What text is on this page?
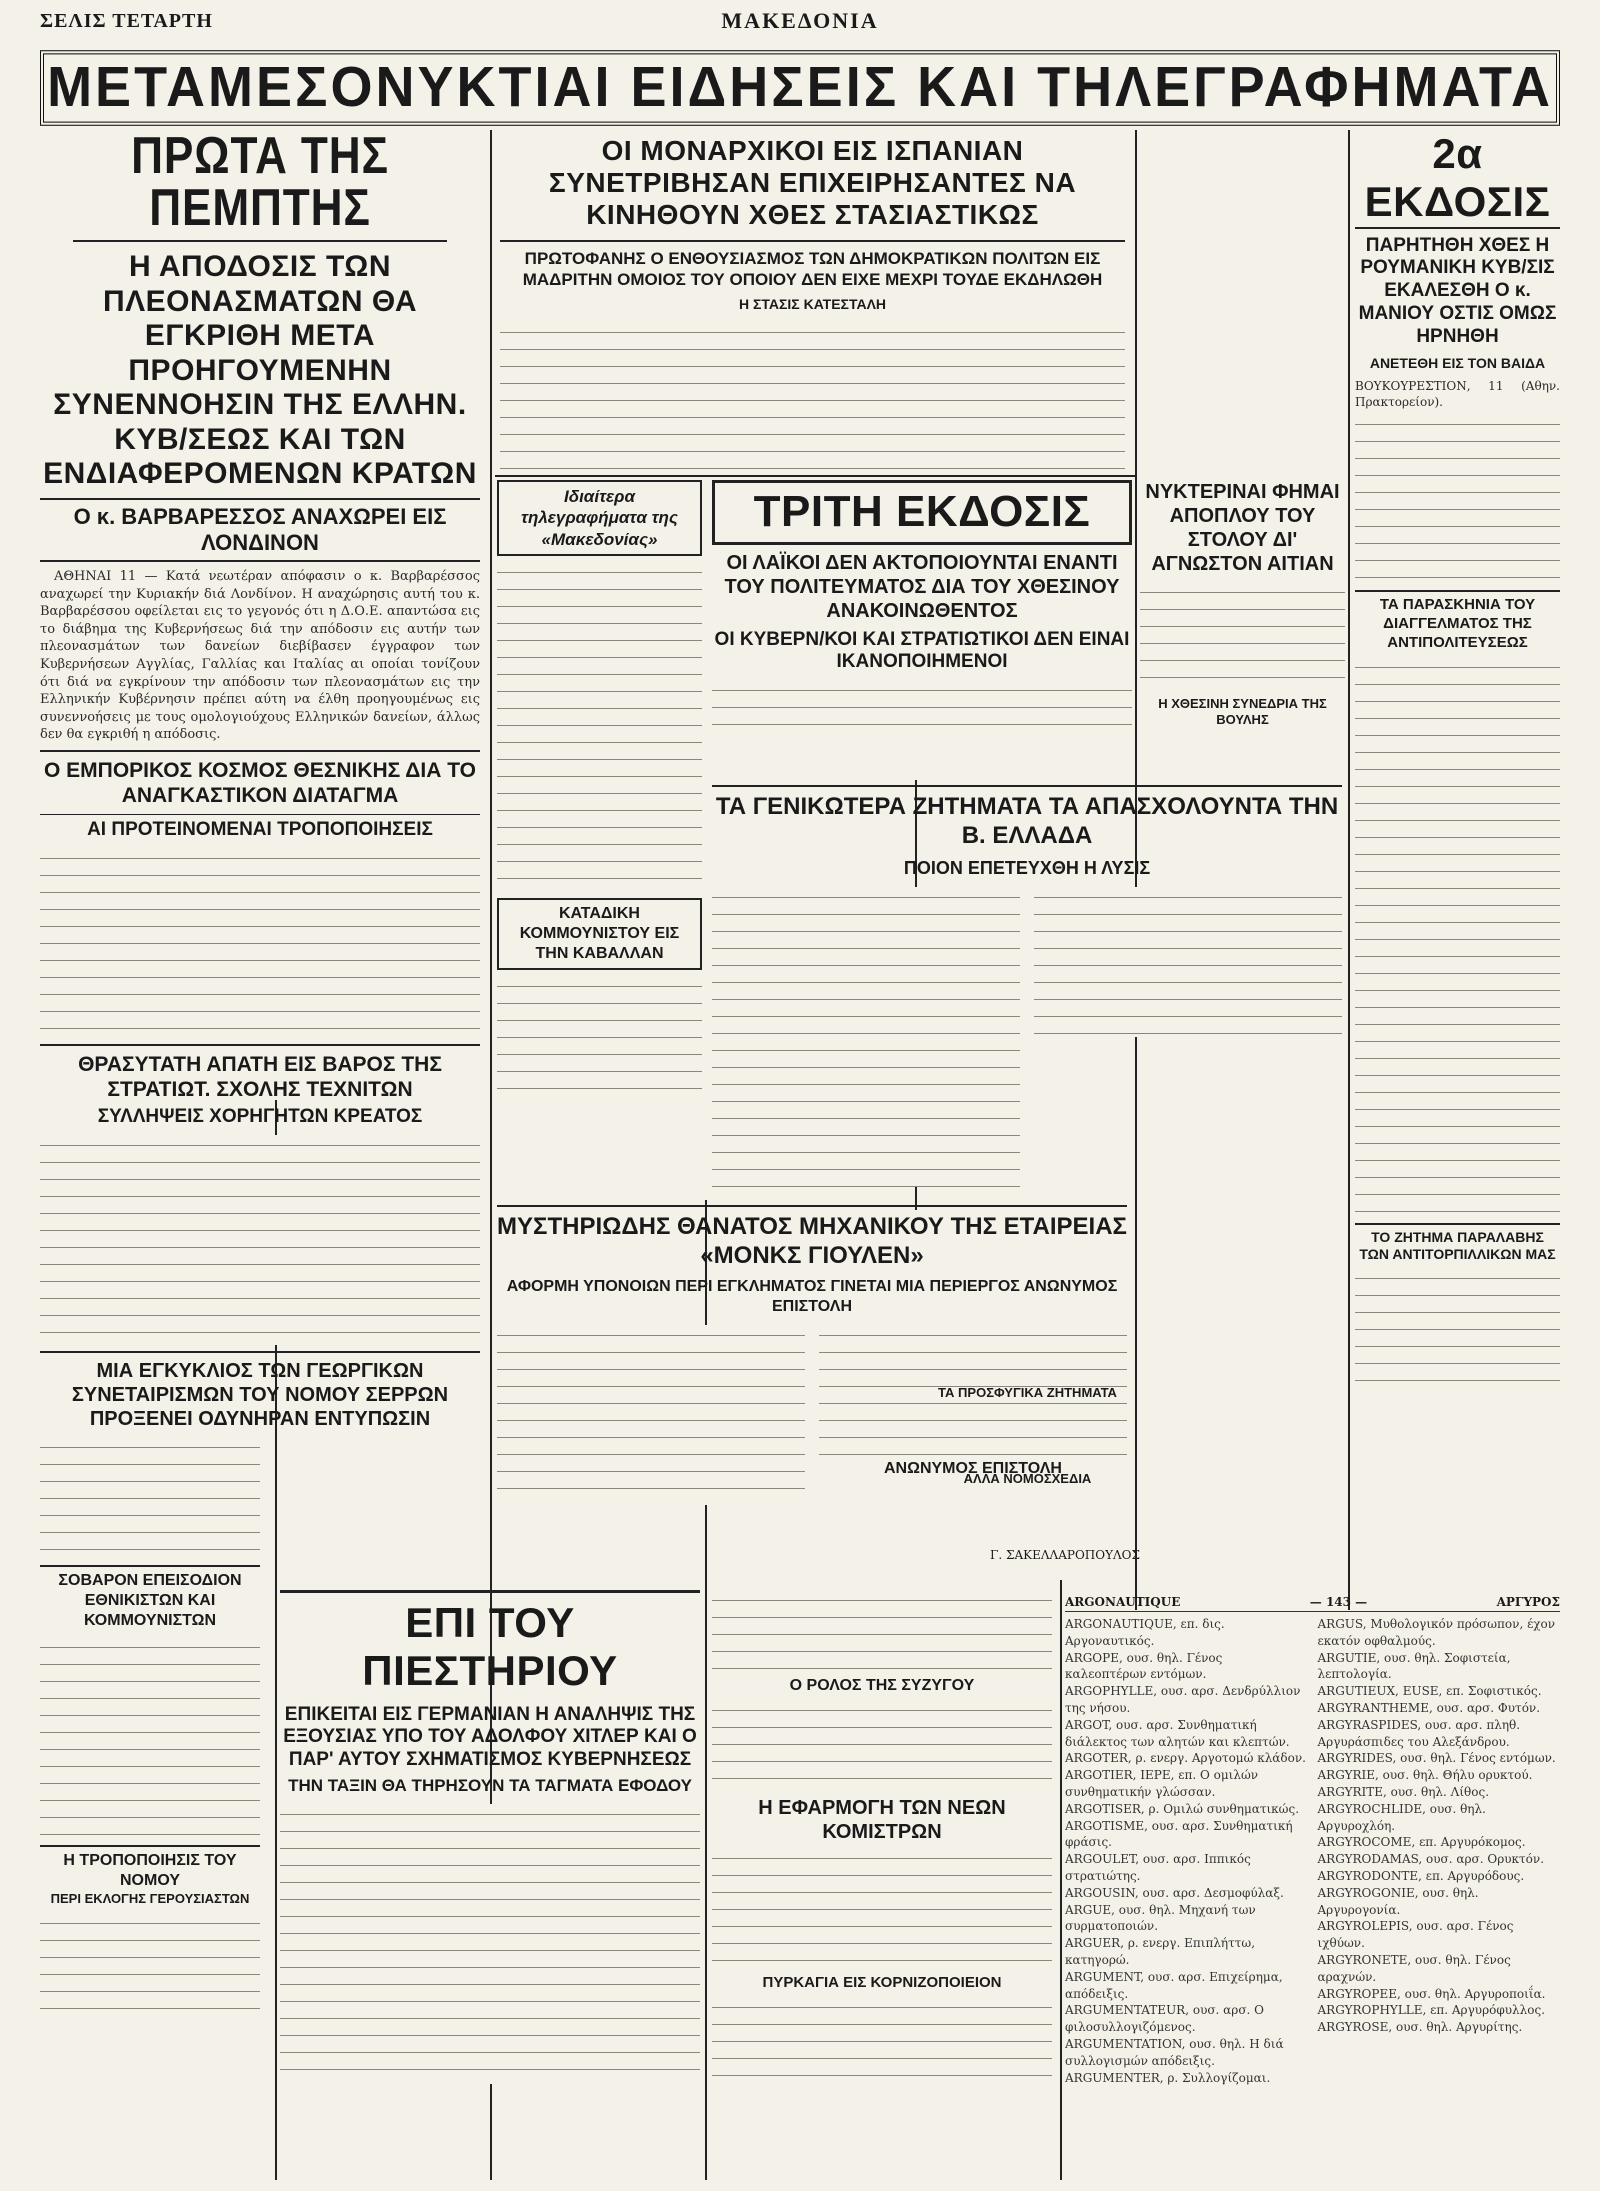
ΣΕΛΙΣ ΤΕΤΑΡΤΗ	ΜΑΚΕΔΟΝΙΑ
ΜΕΤΑΜΕΣΟΝΥΚΤΙΑΙ ΕΙΔΗΣΕΙΣ ΚΑΙ ΤΗΛΕΓΡΑΦΗΜΑΤΑ
ΠΡΩΤΑ ΤΗΣ ΠΕΜΠΤΗΣ
Η ΑΠΟΔΟΣΙΣ ΤΩΝ ΠΛΕΟΝΑΣΜΑΤΩΝ ΘΑ ΕΓΚΡΙΘΗ ΜΕΤΑ ΠΡΟΗΓΟΥΜΕΝΗΝ ΣΥΝΕΝΝΟΗΣΙΝ ΤΗΣ ΕΛΛΗΝ. ΚΥΒ/ΣΕΩΣ ΚΑΙ ΤΩΝ ΕΝΔΙΑΦΕΡΟΜΕΝΩΝ ΚΡΑΤΩΝ
Ο κ. ΒΑΡΒΑΡΕΣΣΟΣ ΑΝΑΧΩΡΕΙ ΕΙΣ ΛΟΝΔΙΝΟΝ

ΑΘΗΝΑΙ 11 — Κατά νεωτέραν απόφασιν ο κ. Βαρβαρέσσος αναχωρεί την Κυριακήν διά Λονδίνον. Η αναχώρησις αυτή του κ. Βαρβαρέσσου οφείλεται εις το γεγονός ότι η Δ.Ο.Ε. απαντώσα εις το διάβημα της Κυβερνήσεως διά την απόδοσιν εις αυτήν των πλεονασμάτων των δανείων διεβίβασεν έγγραφον των Κυβερνήσεων Αγγλίας, Γαλλίας και Ιταλίας αι οποίαι τονίζουν ότι διά να εγκρίνουν την απόδοσιν των πλεονασμάτων εις την Ελληνικήν Κυβέρνησιν πρέπει αύτη να έλθη προηγουμένως εις συνεννοήσεις με τους ομολογιούχους Ελληνικών δανείων, άλλως δεν θα εγκριθή η απόδοσις.

Ο ΕΜΠΟΡΙΚΟΣ ΚΟΣΜΟΣ ΘΕΣΝΙΚΗΣ ΔΙΑ ΤΟ ΑΝΑΓΚΑΣΤΙΚΟΝ ΔΙΑΤΑΓΜΑ
ΑΙ ΠΡΟΤΕΙΝΟΜΕΝΑΙ ΤΡΟΠΟΠΟΙΗΣΕΙΣ
ΘΡΑΣΥΤΑΤΗ ΑΠΑΤΗ ΕΙΣ ΒΑΡΟΣ ΤΗΣ ΣΤΡΑΤΙΩΤ. ΣΧΟΛΗΣ ΤΕΧΝΙΤΩΝ
ΣΥΛΛΗΨΕΙΣ ΧΟΡΗΓΗΤΩΝ ΚΡΕΑΤΟΣ
ΜΙΑ ΕΓΚΥΚΛΙΟΣ ΤΩΝ ΓΕΩΡΓΙΚΩΝ ΣΥΝΕΤΑΙΡΙΣΜΩΝ ΤΟΥ ΝΟΜΟΥ ΣΕΡΡΩΝ ΠΡΟΞΕΝΕΙ ΟΔΥΝΗΡΑΝ ΕΝΤΥΠΩΣΙΝ
ΣΟΒΑΡΟΝ ΕΠΕΙΣΟΔΙΟΝ ΕΘΝΙΚΙΣΤΩΝ ΚΑΙ ΚΟΜΜΟΥΝΙΣΤΩΝ
Η ΤΡΟΠΟΠΟΙΗΣΙΣ ΤΟΥ ΝΟΜΟΥ
ΠΕΡΙ ΕΚΛΟΓΗΣ ΓΕΡΟΥΣΙΑΣΤΩΝ
ΟΙ ΜΟΝΑΡΧΙΚΟΙ ΕΙΣ ΙΣΠΑΝΙΑΝ ΣΥΝΕΤΡΙΒΗΣΑΝ ΕΠΙΧΕΙΡΗΣΑΝΤΕΣ ΝΑ ΚΙΝΗΘΟΥΝ ΧΘΕΣ ΣΤΑΣΙΑΣΤΙΚΩΣ
ΠΡΩΤΟΦΑΝΗΣ Ο ΕΝΘΟΥΣΙΑΣΜΟΣ ΤΩΝ ΔΗΜΟΚΡΑΤΙΚΩΝ ΠΟΛΙΤΩΝ ΕΙΣ ΜΑΔΡΙΤΗΝ ΟΜΟΙΟΣ ΤΟΥ ΟΠΟΙΟΥ ΔΕΝ ΕΙΧΕ ΜΕΧΡΙ ΤΟΥΔΕ ΕΚΔΗΛΩΘΗ
Η ΣΤΑΣΙΣ ΚΑΤΕΣΤΑΛΗ
Ιδιαίτερα τηλεγραφήματα της «Μακεδονίας»
ΚΑΤΑΔΙΚΗ ΚΟΜΜΟΥΝΙΣΤΟΥ ΕΙΣ ΤΗΝ ΚΑΒΑΛΛΑΝ
ΤΡΙΤΗ ΕΚΔΟΣΙΣ
ΟΙ ΛΑΪΚΟΙ ΔΕΝ ΑΚΤΟΠΟΙΟΥΝΤΑΙ ΕΝΑΝΤΙ ΤΟΥ ΠΟΛΙΤΕΥΜΑΤΟΣ ΔΙΑ ΤΟΥ ΧΘΕΣΙΝΟΥ ΑΝΑΚΟΙΝΩΘΕΝΤΟΣ
ΟΙ ΚΥΒΕΡΝ/ΚΟΙ ΚΑΙ ΣΤΡΑΤΙΩΤΙΚΟΙ ΔΕΝ ΕΙΝΑΙ ΙΚΑΝΟΠΟΙΗΜΕΝΟΙ
ΝΥΚΤΕΡΙΝΑΙ ΦΗΜΑΙ ΑΠΟΠΛΟΥ ΤΟΥ ΣΤΟΛΟΥ ΔΙ' ΑΓΝΩΣΤΟΝ ΑΙΤΙΑΝ
Η ΧΘΕΣΙΝΗ ΣΥΝΕΔΡΙΑ ΤΗΣ ΒΟΥΛΗΣ
ΤΑ ΓΕΝΙΚΩΤΕΡΑ ΖΗΤΗΜΑΤΑ ΤΑ ΑΠΑΣΧΟΛΟΥΝΤΑ ΤΗΝ Β. ΕΛΛΑΔΑ
ΠΟΙΟΝ ΕΠΕΤΕΥΧΘΗ Η ΛΥΣΙΣ
ΜΥΣΤΗΡΙΩΔΗΣ ΘΑΝΑΤΟΣ ΜΗΧΑΝΙΚΟΥ ΤΗΣ ΕΤΑΙΡΕΙΑΣ «ΜΟΝΚΣ ΓΙΟΥΛΕΝ»
ΑΦΟΡΜΗ ΥΠΟΝΟΙΩΝ ΠΕΡΙ ΕΓΚΛΗΜΑΤΟΣ ΓΙΝΕΤΑΙ ΜΙΑ ΠΕΡΙΕΡΓΟΣ ΑΝΩΝΥΜΟΣ ΕΠΙΣΤΟΛΗ
ΑΝΩΝΥΜΟΣ ΕΠΙΣΤΟΛΗ
ΤΑ ΠΡΟΣΦΥΓΙΚΑ ΖΗΤΗΜΑΤΑ
ΑΛΛΑ ΝΟΜΟΣΧΕΔΙΑ
Γ. ΣΑΚΕΛΛΑΡΟΠΟΥΛΟΣ
ΕΠΙ ΤΟΥ ΠΙΕΣΤΗΡΙΟΥ
ΕΠΙΚΕΙΤΑΙ ΕΙΣ ΓΕΡΜΑΝΙΑΝ Η ΑΝΑΛΗΨΙΣ ΤΗΣ ΕΞΟΥΣΙΑΣ ΥΠΟ ΤΟΥ ΑΔΟΛΦΟΥ ΧΙΤΛΕΡ ΚΑΙ Ο ΠΑΡ' ΑΥΤΟΥ ΣΧΗΜΑΤΙΣΜΟΣ ΚΥΒΕΡΝΗΣΕΩΣ
ΤΗΝ ΤΑΞΙΝ ΘΑ ΤΗΡΗΣΟΥΝ ΤΑ ΤΑΓΜΑΤΑ ΕΦΟΔΟΥ
Ο ΡΟΛΟΣ ΤΗΣ ΣΥΖΥΓΟΥ
Η ΕΦΑΡΜΟΓΗ ΤΩΝ ΝΕΩΝ ΚΟΜΙΣΤΡΩΝ
ΠΥΡΚΑΓΙΑ ΕΙΣ ΚΟΡΝΙΖΟΠΟΙΕΙΟΝ
2α ΕΚΔΟΣΙΣ
ΠΑΡΗΤΗΘΗ ΧΘΕΣ Η ΡΟΥΜΑΝΙΚΗ ΚΥΒ/ΣΙΣ ΕΚΑΛΕΣΘΗ Ο κ. ΜΑΝΙΟΥ ΟΣΤΙΣ ΟΜΩΣ ΗΡΝΗΘΗ
ΑΝΕΤΕΘΗ ΕΙΣ ΤΟΝ ΒΑΙΔΑ
ΒΟΥΚΟΥΡΕΣΤΙΟΝ, 11 (Αθην. Πρακτορείον).
ΤΑ ΠΑΡΑΣΚΗΝΙΑ ΤΟΥ ΔΙΑΓΓΕΛΜΑΤΟΣ ΤΗΣ ΑΝΤΙΠΟΛΙΤΕΥΣΕΩΣ
ΤΟ ΖΗΤΗΜΑ ΠΑΡΑΛΑΒΗΣ ΤΩΝ ΑΝΤΙΤΟΡΠΙΛΛΙΚΩΝ ΜΑΣ
ARGONAUTIQUE	— 143 —	ΑΡΓΥΡΟΣ
ARGONAUTIQUE, επ. δις. Αργοναυτικός.
ARGOPE, ουσ. θηλ. Γένος καλεοπτέρων εντόμων.
ARGOPHYLLE, ουσ. αρσ. Δενδρύλλιον της νήσου.
ARGOT, ουσ. αρσ. Συνθηματική διάλεκτος των αλητών και κλεπτών.
ARGOTER, ρ. ενεργ. Αργοτομώ κλάδον.
ARGOTIER, ΙΕΡΕ, επ. Ο ομιλών συνθηματικήν γλώσσαν.
ARGOTISER, ρ. Ομιλώ συνθηματικώς.
ARGOTISME, ουσ. αρσ. Συνθηματική φράσις.
ARGOULET, ουσ. αρσ. Ιππικός στρατιώτης.
ARGOUSIN, ουσ. αρσ. Δεσμοφύλαξ.
ARGUE, ουσ. θηλ. Μηχανή των συρματοποιών.
ARGUER, ρ. ενεργ. Επιπλήττω, κατηγορώ.
ARGUMENT, ουσ. αρσ. Επιχείρημα, απόδειξις.
ARGUMENTATEUR, ουσ. αρσ. Ο φιλοσυλλογιζόμενος.
ARGUMENTATION, ουσ. θηλ. Η διά συλλογισμών απόδειξις.
ARGUMENTER, ρ. Συλλογίζομαι.
ARGUS, Μυθολογικόν πρόσωπον, έχον εκατόν οφθαλμούς.
ARGUTIE, ουσ. θηλ. Σοφιστεία, λεπτολογία.
ARGUTIEUX, EUSE, επ. Σοφιστικός.
ARGYRANTHEME, ουσ. αρσ. Φυτόν.
ARGYRASPIDES, ουσ. αρσ. πληθ. Αργυράσπιδες του Αλεξάνδρου.
ARGYRIDES, ουσ. θηλ. Γένος εντόμων.
ARGYRIE, ουσ. θηλ. Θήλυ ορυκτού.
ARGYRITE, ουσ. θηλ. Λίθος.
ARGYROCHLIDE, ουσ. θηλ. Αργυροχλόη.
ARGYROCOME, επ. Αργυρόκομος.
ARGYRODAMAS, ουσ. αρσ. Ορυκτόν.
ARGYRODONTE, επ. Αργυρόδους.
ARGYROGONIE, ουσ. θηλ. Αργυρογονία.
ARGYROLEPIS, ουσ. αρσ. Γένος ιχθύων.
ARGYRONETE, ουσ. θηλ. Γένος αραχνών.
ARGYROPEE, ουσ. θηλ. Αργυροποιΐα.
ARGYROPHYLLE, επ. Αργυρόφυλλος.
ARGYROSE, ουσ. θηλ. Αργυρίτης.
